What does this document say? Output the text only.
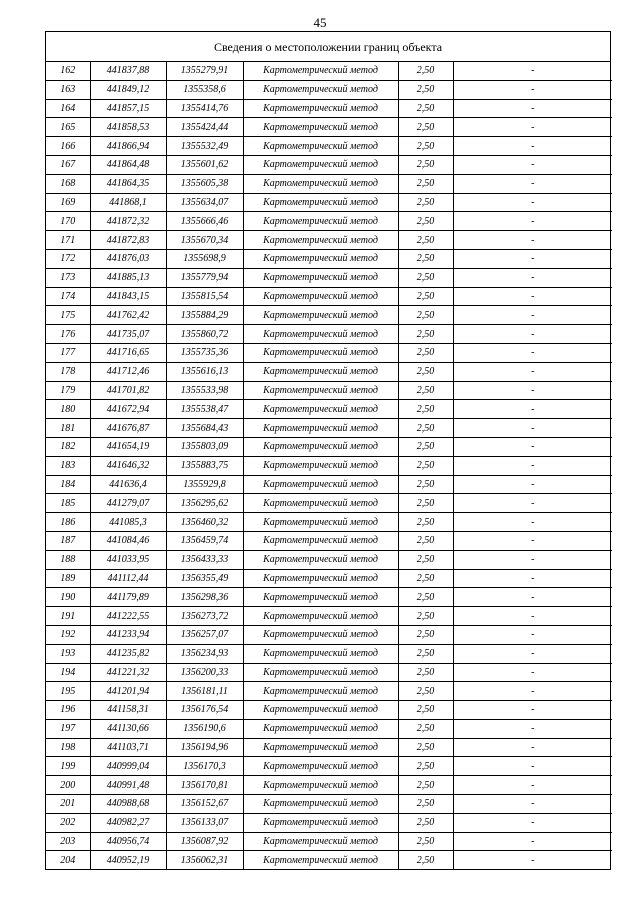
45
Сведения о местоположении границ объекта
162	441837,88	1355279,91	Картометрический метод	2,50	-
163	441849,12	1355358,6	Картометрический метод	2,50	-
164	441857,15	1355414,76	Картометрический метод	2,50	-
165	441858,53	1355424,44	Картометрический метод	2,50	-
166	441866,94	1355532,49	Картометрический метод	2,50	-
167	441864,48	1355601,62	Картометрический метод	2,50	-
168	441864,35	1355605,38	Картометрический метод	2,50	-
169	441868,1	1355634,07	Картометрический метод	2,50	-
170	441872,32	1355666,46	Картометрический метод	2,50	-
171	441872,83	1355670,34	Картометрический метод	2,50	-
172	441876,03	1355698,9	Картометрический метод	2,50	-
173	441885,13	1355779,94	Картометрический метод	2,50	-
174	441843,15	1355815,54	Картометрический метод	2,50	-
175	441762,42	1355884,29	Картометрический метод	2,50	-
176	441735,07	1355860,72	Картометрический метод	2,50	-
177	441716,65	1355735,36	Картометрический метод	2,50	-
178	441712,46	1355616,13	Картометрический метод	2,50	-
179	441701,82	1355533,98	Картометрический метод	2,50	-
180	441672,94	1355538,47	Картометрический метод	2,50	-
181	441676,87	1355684,43	Картометрический метод	2,50	-
182	441654,19	1355803,09	Картометрический метод	2,50	-
183	441646,32	1355883,75	Картометрический метод	2,50	-
184	441636,4	1355929,8	Картометрический метод	2,50	-
185	441279,07	1356295,62	Картометрический метод	2,50	-
186	441085,3	1356460,32	Картометрический метод	2,50	-
187	441084,46	1356459,74	Картометрический метод	2,50	-
188	441033,95	1356433,33	Картометрический метод	2,50	-
189	441112,44	1356355,49	Картометрический метод	2,50	-
190	441179,89	1356298,36	Картометрический метод	2,50	-
191	441222,55	1356273,72	Картометрический метод	2,50	-
192	441233,94	1356257,07	Картометрический метод	2,50	-
193	441235,82	1356234,93	Картометрический метод	2,50	-
194	441221,32	1356200,33	Картометрический метод	2,50	-
195	441201,94	1356181,11	Картометрический метод	2,50	-
196	441158,31	1356176,54	Картометрический метод	2,50	-
197	441130,66	1356190,6	Картометрический метод	2,50	-
198	441103,71	1356194,96	Картометрический метод	2,50	-
199	440999,04	1356170,3	Картометрический метод	2,50	-
200	440991,48	1356170,81	Картометрический метод	2,50	-
201	440988,68	1356152,67	Картометрический метод	2,50	-
202	440982,27	1356133,07	Картометрический метод	2,50	-
203	440956,74	1356087,92	Картометрический метод	2,50	-
204	440952,19	1356062,31	Картометрический метод	2,50	-
